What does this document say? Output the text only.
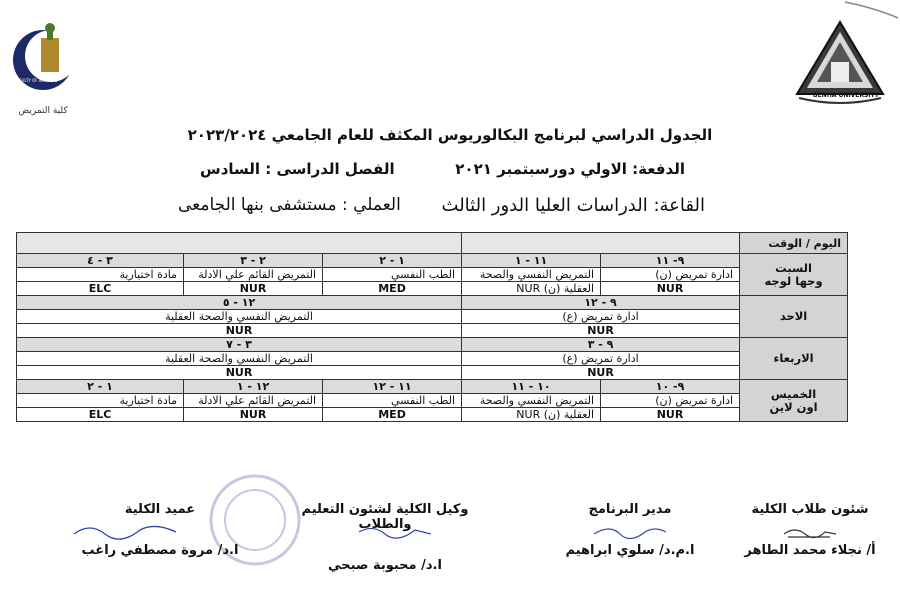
BENHA UNIVERSITY
كلية التمريض
FACULTY OF NURSING
الجدول الدراسي لبرنامج البكالوريوس المكثف للعام الجامعي ٢٠٢٣/٢٠٢٤
الدفعة: الاولي دورسبتمبر ٢٠٢١
الفصل الدراسى : السادس
القاعة: الدراسات العليا الدور الثالث
العملي : مستشفى بنها الجامعى
اليوم / الوقت					
السبت
وجها لوجه	٩- ١١	١١ - ١	١ - ٢	٢ - ٣	٣ - ٤
	ادارة تمريض (ن)	التمريض النفسي والصحة	الطب النفسي	التمريض القائم علي الادلة	مادة اختيارية
	NUR	العقلية (ن) NUR	MED	NUR	ELC
الاحد	٩ - ١٢		١٢ - ٥		
	ادارة تمريض (ع)		التمريض النفسي والصحة العقلية		
	NUR		NUR		
الاربعاء	٩ - ٣		٣ - ٧		
	ادارة تمريض (ع)		التمريض النفسي والصحة العقلية		
	NUR		NUR		
الخميس
اون لاين	٩- ١٠	١٠ - ١١	١١ - ١٢	١٢ - ١	١ - ٢
	ادارة تمريض (ن)	التمريض النفسي والصحة	الطب النفسي	التمريض القائم علي الادلة	مادة اختيارية
	NUR	العقلية (ن) NUR	MED	NUR	ELC
شئون طلاب الكلية
أ/ نجلاء محمد الطاهر
مدير البرنامج
ا.م.د/ سلوي ابراهيم
وكيل الكلية لشئون التعليم والطلاب
ا.د/ محبوبة صبحي
عميد الكلية
ا.د/ مروة مصطفي راغب
